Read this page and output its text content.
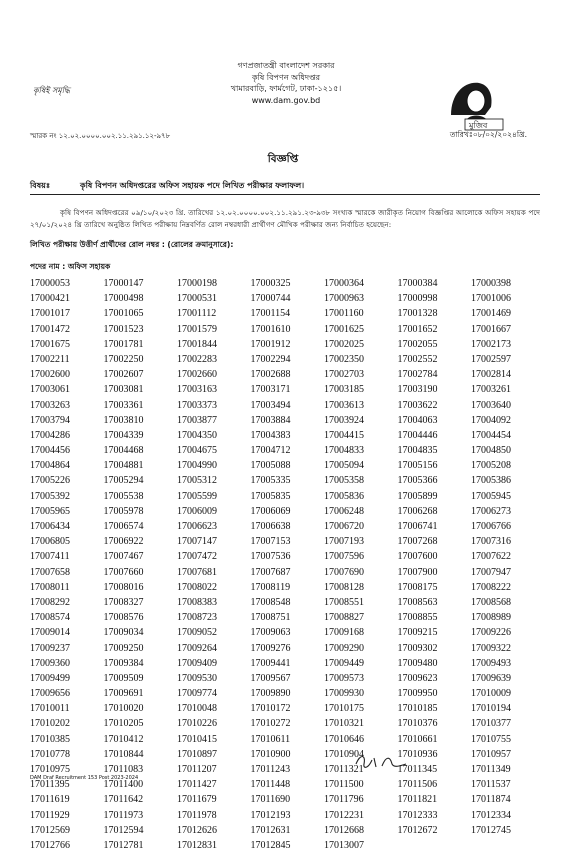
কৃষিই সমৃদ্ধি
গণপ্রজাতন্ত্রী বাংলাদেশ সরকার
কৃষি বিপণন অধিদপ্তর
খামারবাড়ি, ফার্মগেট, ঢাকা-১২১৫।
www.dam.gov.bd
মুজিব
স্মারক নং ১২.০২.০০০০.০০২.১১.২৯১.১২-৯৭৮	তারিখঃ০৮/০২/২০২৪খ্রি.
বিজ্ঞপ্তি
বিষয়ঃ	কৃষি বিপণন অধিদপ্তরের অফিস সহায়ক পদে লিখিত পরীক্ষার ফলাফল।
কৃষি বিপণন অধিদপ্তরের ০৯/১০/২০২৩ খ্রি. তারিখের ১২.০২.০০০০.০০২.১১.২৯১.২৩-৯৩৮ সংখ্যক স্মারকে জারীকৃত নিয়োগ বিজ্ঞপ্তির আলোকে অফিস সহায়ক পদে ২৭/০১/২০২৪ খ্রি তারিখে অনুষ্ঠিত লিখিত পরীক্ষায় নিম্নবর্ণিত রোল নম্বরধারী প্রার্থীগণ মৌখিক পরীক্ষার জন্য নির্বাচিত হয়েছেন:
লিখিত পরীক্ষায় উত্তীর্ণ প্রার্থীদের রোল নম্বর : (রোলের ক্রমানুসারে):
পদের নাম : অফিস সহায়ক
17000053	17000147	17000198	17000325	17000364	17000384	17000398
17000421	17000498	17000531	17000744	17000963	17000998	17001006
17001017	17001065	17001112	17001154	17001160	17001328	17001469
17001472	17001523	17001579	17001610	17001625	17001652	17001667
17001675	17001781	17001844	17001912	17002025	17002055	17002173
17002211	17002250	17002283	17002294	17002350	17002552	17002597
17002600	17002607	17002660	17002688	17002703	17002784	17002814
17003061	17003081	17003163	17003171	17003185	17003190	17003261
17003263	17003361	17003373	17003494	17003613	17003622	17003640
17003794	17003810	17003877	17003884	17003924	17004063	17004092
17004286	17004339	17004350	17004383	17004415	17004446	17004454
17004456	17004468	17004675	17004712	17004833	17004835	17004850
17004864	17004881	17004990	17005088	17005094	17005156	17005208
17005226	17005294	17005312	17005335	17005358	17005366	17005386
17005392	17005538	17005599	17005835	17005836	17005899	17005945
17005965	17005978	17006009	17006069	17006248	17006268	17006273
17006434	17006574	17006623	17006638	17006720	17006741	17006766
17006805	17006922	17007147	17007153	17007193	17007268	17007316
17007411	17007467	17007472	17007536	17007596	17007600	17007622
17007658	17007660	17007681	17007687	17007690	17007900	17007947
17008011	17008016	17008022	17008119	17008128	17008175	17008222
17008292	17008327	17008383	17008548	17008551	17008563	17008568
17008574	17008576	17008723	17008751	17008827	17008855	17008989
17009014	17009034	17009052	17009063	17009168	17009215	17009226
17009237	17009250	17009264	17009276	17009290	17009302	17009322
17009360	17009384	17009409	17009441	17009449	17009480	17009493
17009499	17009509	17009530	17009567	17009573	17009623	17009639
17009656	17009691	17009774	17009890	17009930	17009950	17010009
17010011	17010020	17010048	17010172	17010175	17010185	17010194
17010202	17010205	17010226	17010272	17010321	17010376	17010377
17010385	17010412	17010415	17010611	17010646	17010661	17010755
17010778	17010844	17010897	17010900	17010904	17010936	17010957
17010975	17011083	17011207	17011243	17011321	17011345	17011349
17011395	17011400	17011427	17011448	17011500	17011506	17011537
17011619	17011642	17011679	17011690	17011796	17011821	17011874
17011929	17011973	17011978	17012193	17012231	17012333	17012334
17012569	17012594	17012626	17012631	17012668	17012672	17012745
17012766	17012781	17012831	17012845	17013007
DAM Draf Recruitment 153 Post 2023-2024
